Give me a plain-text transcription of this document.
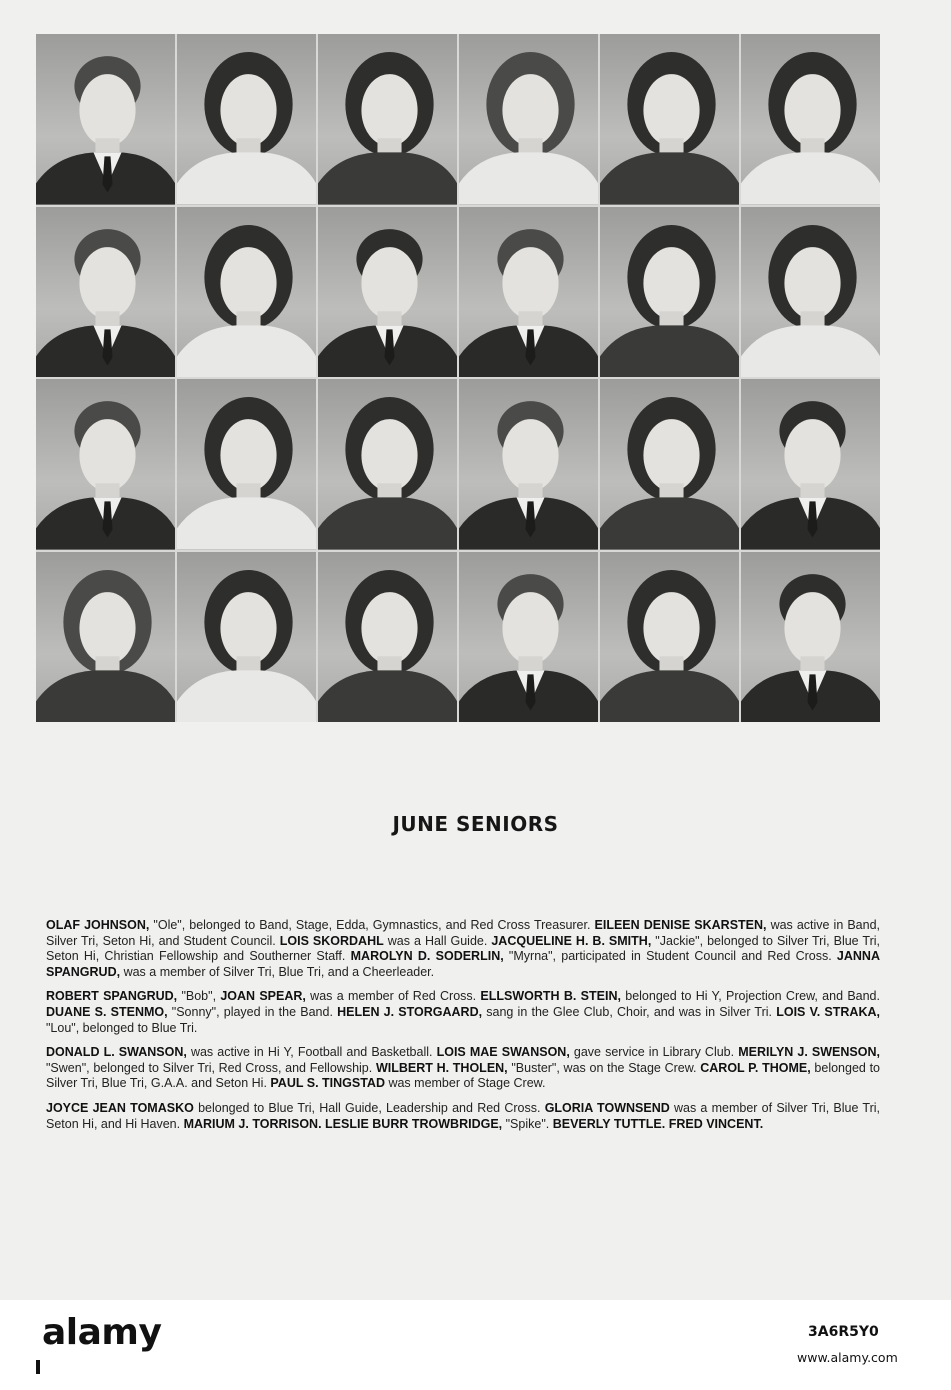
JUNE SENIORS

OLAF JOHNSON, "Ole", belonged to Band, Stage, Edda, Gymnastics, and Red Cross Treasurer. EILEEN DENISE SKARSTEN, was active in Band, Silver Tri, Seton Hi, and Student Council. LOIS SKORDAHL was a Hall Guide. JACQUELINE H. B. SMITH, "Jackie", belonged to Silver Tri, Blue Tri, Seton Hi, Christian Fellowship and Southerner Staff. MAROLYN D. SODERLIN, "Myrna", participated in Student Council and Red Cross. JANNA SPANGRUD, was a member of Silver Tri, Blue Tri, and a Cheerleader.

ROBERT SPANGRUD, "Bob", JOAN SPEAR, was a member of Red Cross. ELLSWORTH B. STEIN, belonged to Hi Y, Projection Crew, and Band. DUANE S. STENMO, "Sonny", played in the Band. HELEN J. STORGAARD, sang in the Glee Club, Choir, and was in Silver Tri. LOIS V. STRAKA, "Lou", belonged to Blue Tri.

DONALD L. SWANSON, was active in Hi Y, Football and Basketball. LOIS MAE SWANSON, gave service in Library Club. MERILYN J. SWENSON, "Swen", belonged to Silver Tri, Red Cross, and Fellowship. WILBERT H. THOLEN, "Buster", was on the Stage Crew. CAROL P. THOME, belonged to Silver Tri, Blue Tri, G.A.A. and Seton Hi. PAUL S. TINGSTAD was member of Stage Crew.

JOYCE JEAN TOMASKO belonged to Blue Tri, Hall Guide, Leadership and Red Cross. GLORIA TOWNSEND was a member of Silver Tri, Blue Tri, Seton Hi, and Hi Haven. MARIUM J. TORRISON. LESLIE BURR TROWBRIDGE, "Spike". BEVERLY TUTTLE. FRED VINCENT.

alamy	3A6R5Y0
www.alamy.com
